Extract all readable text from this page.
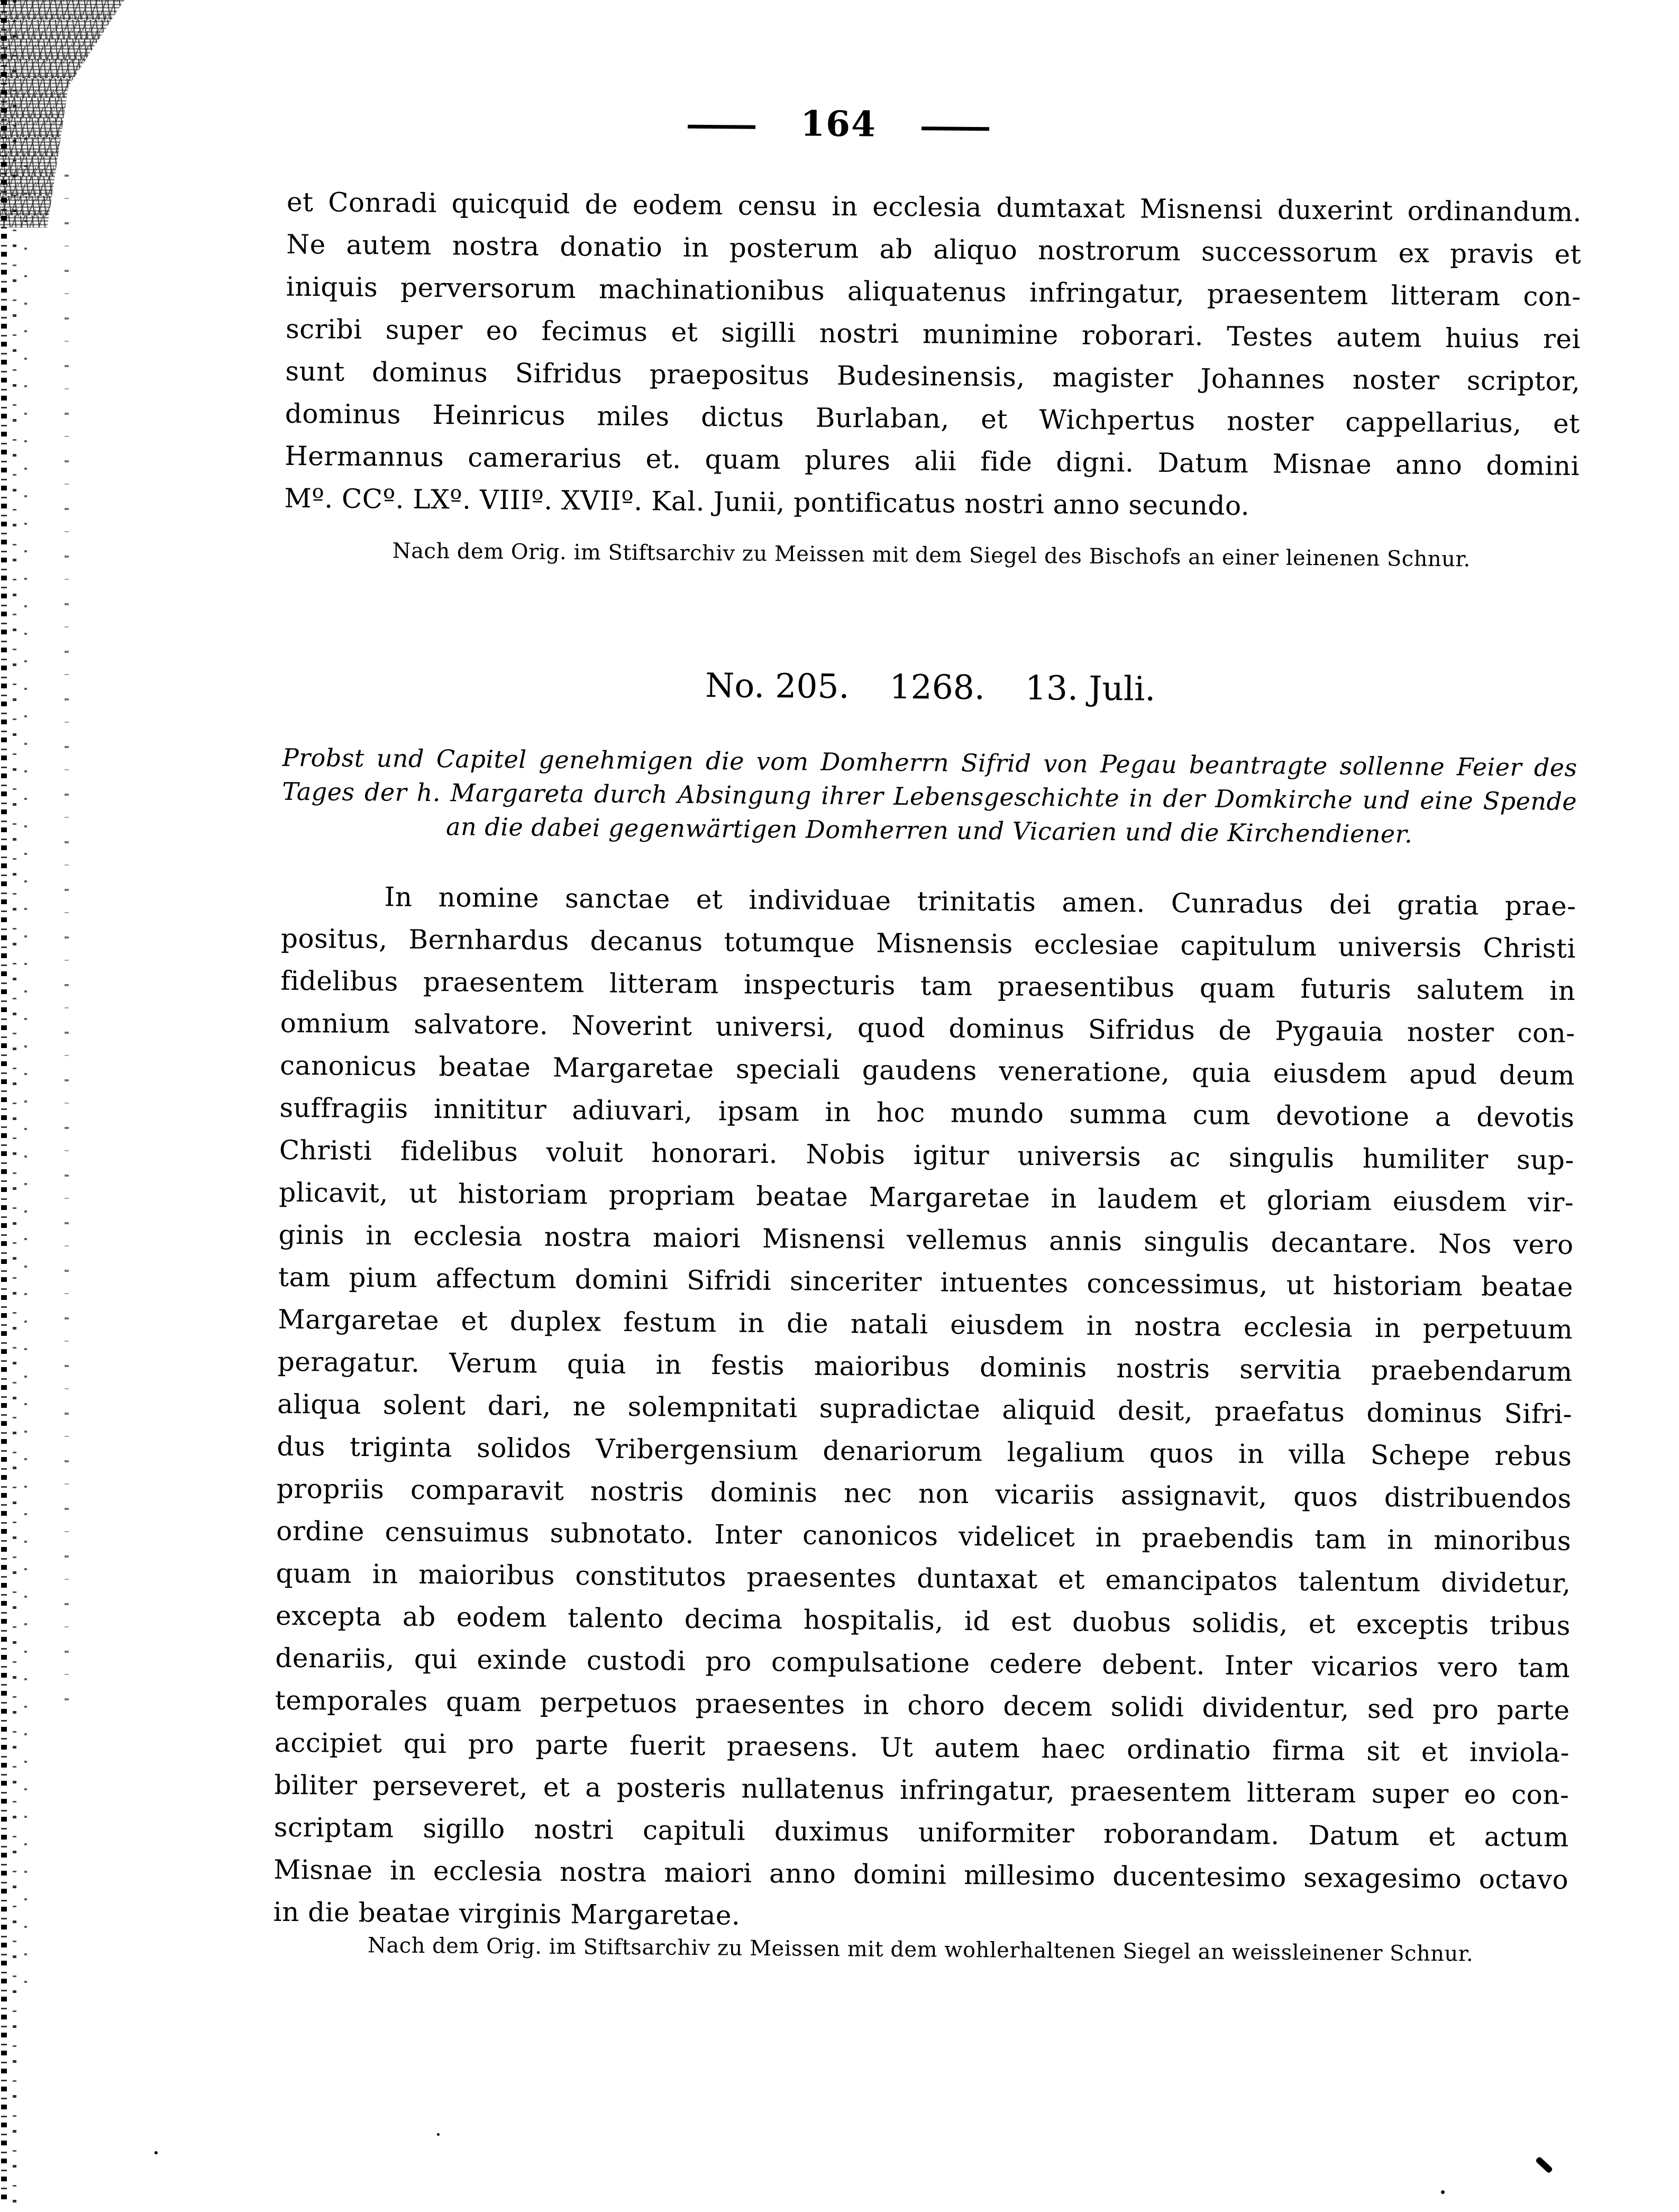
164
et Conradi quicquid de eodem censu in ecclesia dumtaxat Misnensi duxerint ordinandum.
Ne autem nostra donatio in posterum ab aliquo nostrorum successorum ex pravis et
iniquis perversorum machinationibus aliquatenus infringatur, praesentem litteram con-
scribi super eo fecimus et sigilli nostri munimine roborari. Testes autem huius rei
sunt dominus Sifridus praepositus Budesinensis, magister Johannes noster scriptor,
dominus Heinricus miles dictus Burlaban, et Wichpertus noster cappellarius, et
Hermannus camerarius et. quam plures alii fide digni. Datum Misnae anno domini
Mº. CCº. LXº. VIIIº. XVIIº. Kal. Junii, pontificatus nostri anno secundo.
Nach dem Orig. im Stiftsarchiv zu Meissen mit dem Siegel des Bischofs an einer leinenen Schnur.
No. 205. 1268. 13. Juli.
Probst und Capitel genehmigen die vom Domherrn Sifrid von Pegau beantragte sollenne Feier des
Tages der h. Margareta durch Absingung ihrer Lebensgeschichte in der Domkirche und eine Spende
an die dabei gegenwärtigen Domherren und Vicarien und die Kirchendiener.
In nomine sanctae et individuae trinitatis amen. Cunradus dei gratia prae-
positus, Bernhardus decanus totumque Misnensis ecclesiae capitulum universis Christi
fidelibus praesentem litteram inspecturis tam praesentibus quam futuris salutem in
omnium salvatore. Noverint universi, quod dominus Sifridus de Pygauia noster con-
canonicus beatae Margaretae speciali gaudens veneratione, quia eiusdem apud deum
suffragiis innititur adiuvari, ipsam in hoc mundo summa cum devotione a devotis
Christi fidelibus voluit honorari. Nobis igitur universis ac singulis humiliter sup-
plicavit, ut historiam propriam beatae Margaretae in laudem et gloriam eiusdem vir-
ginis in ecclesia nostra maiori Misnensi vellemus annis singulis decantare. Nos vero
tam pium affectum domini Sifridi sinceriter intuentes concessimus, ut historiam beatae
Margaretae et duplex festum in die natali eiusdem in nostra ecclesia in perpetuum
peragatur. Verum quia in festis maioribus dominis nostris servitia praebendarum
aliqua solent dari, ne solempnitati supradictae aliquid desit, praefatus dominus Sifri-
dus triginta solidos Vribergensium denariorum legalium quos in villa Schepe rebus
propriis comparavit nostris dominis nec non vicariis assignavit, quos distribuendos
ordine censuimus subnotato. Inter canonicos videlicet in praebendis tam in minoribus
quam in maioribus constitutos praesentes duntaxat et emancipatos talentum dividetur,
excepta ab eodem talento decima hospitalis, id est duobus solidis, et exceptis tribus
denariis, qui exinde custodi pro compulsatione cedere debent. Inter vicarios vero tam
temporales quam perpetuos praesentes in choro decem solidi dividentur, sed pro parte
accipiet qui pro parte fuerit praesens. Ut autem haec ordinatio firma sit et inviola-
biliter perseveret, et a posteris nullatenus infringatur, praesentem litteram super eo con-
scriptam sigillo nostri capituli duximus uniformiter roborandam. Datum et actum
Misnae in ecclesia nostra maiori anno domini millesimo ducentesimo sexagesimo octavo
in die beatae virginis Margaretae.
Nach dem Orig. im Stiftsarchiv zu Meissen mit dem wohlerhaltenen Siegel an weissleinener Schnur.
